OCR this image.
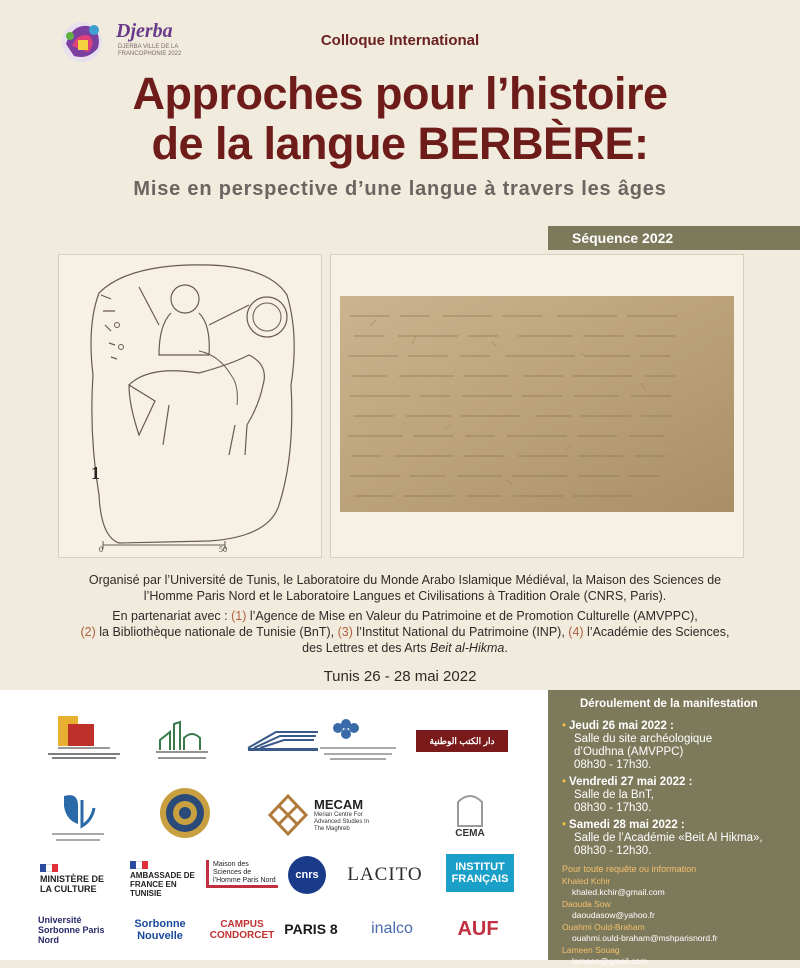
Djerba
DJERBA VILLE DE LA FRANCOPHONIE 2022
Colloque International
Approches pour l’histoire
de la langue BERBÈRE:
Mise en perspective d’une langue à travers les âges
Séquence 2022
1
0	50
Organisé par l’Université de Tunis, le Laboratoire du Monde Arabo Islamique Médiéval, la Maison des Sciences de l’Homme Paris Nord et le Laboratoire Langues et Civilisations à Tradition Orale (CNRS, Paris).
En partenariat avec : (1) l’Agence de Mise en Valeur du Patrimoine et de Promotion Culturelle (AMVPPC),
(2) la Bibliothèque nationale de Tunisie (BnT), (3) l’Institut National du Patrimoine (INP), (4) l’Académie des Sciences, des Lettres et des Arts Beit al-Hikma.
Tunis 26 - 28 mai 2022
دار الكتب الوطنية
MECAM
Merian Centre For Advanced Studies In The Maghreb	CEMA
MINISTÈRE DE LA CULTURE
AMBASSADE DE FRANCE EN TUNISIE
Maison des Sciences de l’Homme Paris Nord	cnrs	LACITO	INSTITUT FRANÇAIS
Université Sorbonne Paris Nord
Sorbonne Nouvelle
CAMPUS CONDORCET PARIS 8	inalco	AUF
Déroulement de la manifestation
• Jeudi 26 mai 2022 :
Salle du site archéologique
d’Oudhna (AMVPPC)
08h30 - 17h30.
• Vendredi 27 mai 2022 :
Salle de la BnT,
08h30 - 17h30.
• Samedi 28 mai 2022 :
Salle de l’Académie «Beit Al Hikma»,
08h30 - 12h30.
Pour toute requête ou information
Khaled Kchir
khaled.kchir@gmail.com
Daouda Sow
daoudasow@yahoo.fr
Ouahmi Ould-Braham
ouahmi.ould-braham@mshparisnord.fr
Lameen Souag
lameen@gmail.com
